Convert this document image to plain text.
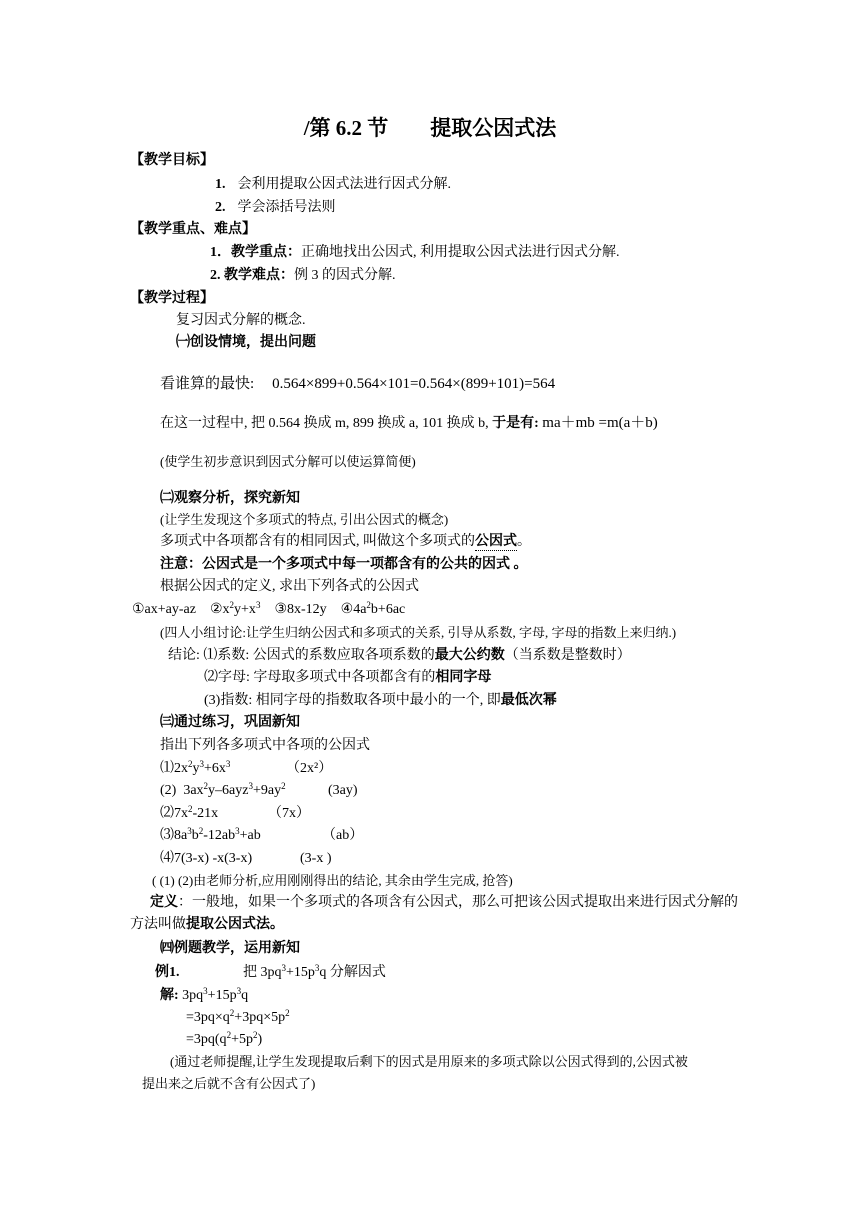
/第 6.2 节　　提取公因式法
【教学目标】
1. 会利用提取公因式法进行因式分解.
2. 学会添括号法则
【教学重点、难点】
1．教学重点：正确地找出公因式, 利用提取公因式法进行因式分解.
2. 教学难点：例 3 的因式分解.
【教学过程】
复习因式分解的概念.
㈠创设情境，提出问题
看谁算的最快: 0.564×899+0.564×101=0.564×(899+101)=564
在这一过程中, 把 0.564 换成 m, 899 换成 a, 101 换成 b, 于是有: ma＋mb =m(a＋b)
(使学生初步意识到因式分解可以使运算简便)
㈡观察分析，探究新知
(让学生发现这个多项式的特点, 引出公因式的概念)
多项式中各项都含有的相同因式, 叫做这个多项式的公因式。
注意：公因式是一个多项式中每一项都含有的公共的因式 。
根据公因式的定义, 求出下列各式的公因式
①ax+ay-az $②x^2y+x^3$ ③8x-12y $④4a^2b+6ac$
(四人小组讨论:让学生归纳公因式和多项式的关系, 引导从系数, 字母, 字母的指数上来归纳.)
结论: ⑴系数: 公因式的系数应取各项系数的最大公约数（当系数是整数时）
⑵字母: 字母取多项式中各项都含有的相同字母
(3)指数: 相同字母的指数取各项中最小的一个, 即最低次幂
㈢通过练习，巩固新知
指出下列各多项式中各项的公因式
$⑴2x^2y^3+6x^3$	（2x²）
(2)  $3ax^2y-6ayz^3+9ay^2$	(3ay)
$⑵7x^2-21x$	（7x）
$⑶8a^3b^2-12ab^3+ab$	（ab）
⑷7(3-x) -x(3-x)	(3-x )
( (1) (2)由老师分析,应用刚刚得出的结论, 其余由学生完成, 抢答)
定义：一般地，如果一个多项式的各项含有公因式，那么可把该公因式提取出来进行因式分解的
方法叫做提取公因式法。
㈣例题教学，运用新知
例1.	把 $3pq^3+15p^3q$ 分解因式
解: $3pq^3+15p^3q$
$=3pq\times q^2+3pq\times 5p^2$
$=3pq(q^2+5p^2)$
(通过老师提醒,让学生发现提取后剩下的因式是用原来的多项式除以公因式得到的,公因式被
提出来之后就不含有公因式了)
